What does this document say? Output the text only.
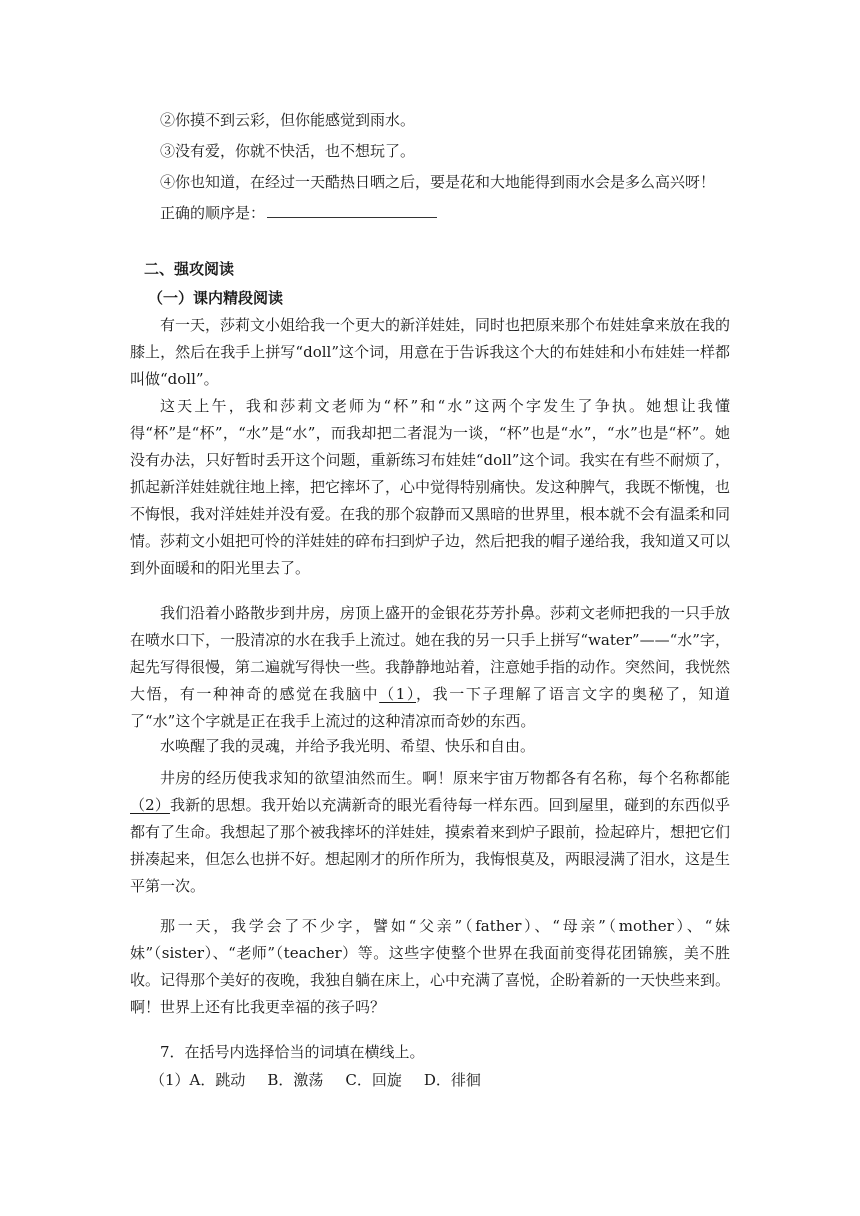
②你摸不到云彩，但你能感觉到雨水。
③没有爱，你就不快活，也不想玩了。
④你也知道，在经过一天酷热日晒之后，要是花和大地能得到雨水会是多么高兴呀！
正确的顺序是：
二、强攻阅读
（一）课内精段阅读
有一天，莎莉文小姐给我一个更大的新洋娃娃，同时也把原来那个布娃娃拿来放在我的膝上，然后在我手上拼写“doll”这个词，用意在于告诉我这个大的布娃娃和小布娃娃一样都叫做“doll”。
这天上午，我和莎莉文老师为“杯”和“水”这两个字发生了争执。她想让我懂得“杯”是“杯”，“水”是“水”，而我却把二者混为一谈，“杯”也是“水”，“水”也是“杯”。她没有办法，只好暂时丢开这个问题，重新练习布娃娃“doll”这个词。我实在有些不耐烦了，抓起新洋娃娃就往地上摔，把它摔坏了，心中觉得特别痛快。发这种脾气，我既不惭愧，也不悔恨，我对洋娃娃并没有爱。在我的那个寂静而又黑暗的世界里，根本就不会有温柔和同情。莎莉文小姐把可怜的洋娃娃的碎布扫到炉子边，然后把我的帽子递给我，我知道又可以到外面暖和的阳光里去了。
我们沿着小路散步到井房，房顶上盛开的金银花芬芳扑鼻。莎莉文老师把我的一只手放在喷水口下，一股清凉的水在我手上流过。她在我的另一只手上拼写“water”——“水”字，起先写得很慢，第二遍就写得快一些。我静静地站着，注意她手指的动作。突然间，我恍然大悟，有一种神奇的感觉在我脑中（1），我一下子理解了语言文字的奥秘了，知道了“水”这个字就是正在我手上流过的这种清凉而奇妙的东西。
水唤醒了我的灵魂，并给予我光明、希望、快乐和自由。
井房的经历使我求知的欲望油然而生。啊！原来宇宙万物都各有名称，每个名称都能（2）我新的思想。我开始以充满新奇的眼光看待每一样东西。回到屋里，碰到的东西似乎都有了生命。我想起了那个被我摔坏的洋娃娃，摸索着来到炉子跟前，捡起碎片，想把它们拼凑起来，但怎么也拼不好。想起刚才的所作所为，我悔恨莫及，两眼浸满了泪水，这是生平第一次。
那一天，我学会了不少字，譬如“父亲”（father）、“母亲”（mother）、“妹妹”（sister）、“老师”（teacher）等。这些字使整个世界在我面前变得花团锦簇，美不胜收。记得那个美好的夜晚，我独自躺在床上，心中充满了喜悦，企盼着新的一天快些来到。啊！世界上还有比我更幸福的孩子吗？
7．在括号内选择恰当的词填在横线上。
（1）A．跳动 B．激荡 C．回旋 D．徘徊
